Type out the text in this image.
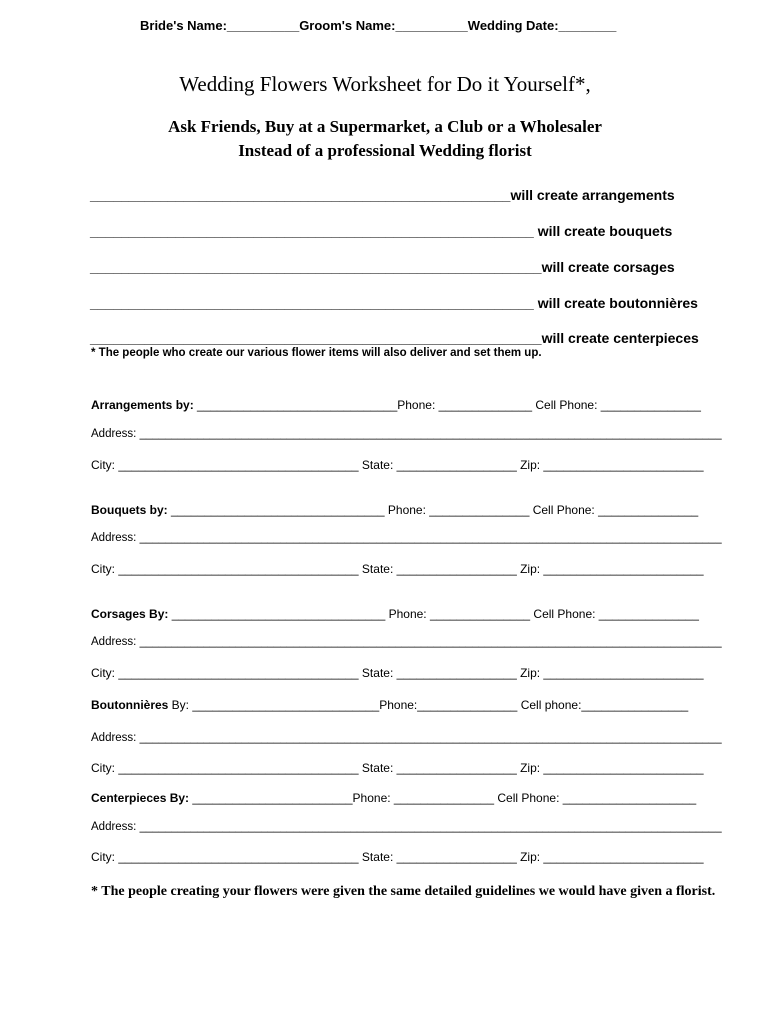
Bride's Name:__________Groom's Name:__________Wedding Date:________
Wedding Flowers Worksheet for Do it Yourself*,
Ask Friends, Buy at a Supermarket, a Club or a Wholesaler
Instead of a professional Wedding florist
______________________________________________________will create arrangements
_________________________________________________________ will create bouquets
__________________________________________________________will create corsages
_________________________________________________________ will create boutonnières
__________________________________________________________will create centerpieces
* The people who create our various flower items will also deliver and set them up.
Arrangements by: ______________________________Phone: ______________ Cell Phone: _______________
Address: ___________________________________________________________________________________________
City: ____________________________________ State: __________________ Zip: ________________________
Bouquets by: ________________________________ Phone: _______________ Cell Phone: _______________
Address: ___________________________________________________________________________________________
City: ____________________________________ State: __________________ Zip: ________________________
Corsages By: ________________________________ Phone: _______________ Cell Phone: _______________
Address: ___________________________________________________________________________________________
City: ____________________________________ State: __________________ Zip: ________________________
Boutonnières By: ____________________________Phone:_______________ Cell phone:________________
Address: ___________________________________________________________________________________________
City: ____________________________________ State: __________________ Zip: ________________________
Centerpieces By: ________________________Phone: _______________ Cell Phone: ____________________
Address: ___________________________________________________________________________________________
City: ____________________________________ State: __________________ Zip: ________________________
* The people creating your flowers were given the same detailed guidelines we would have given a florist.
